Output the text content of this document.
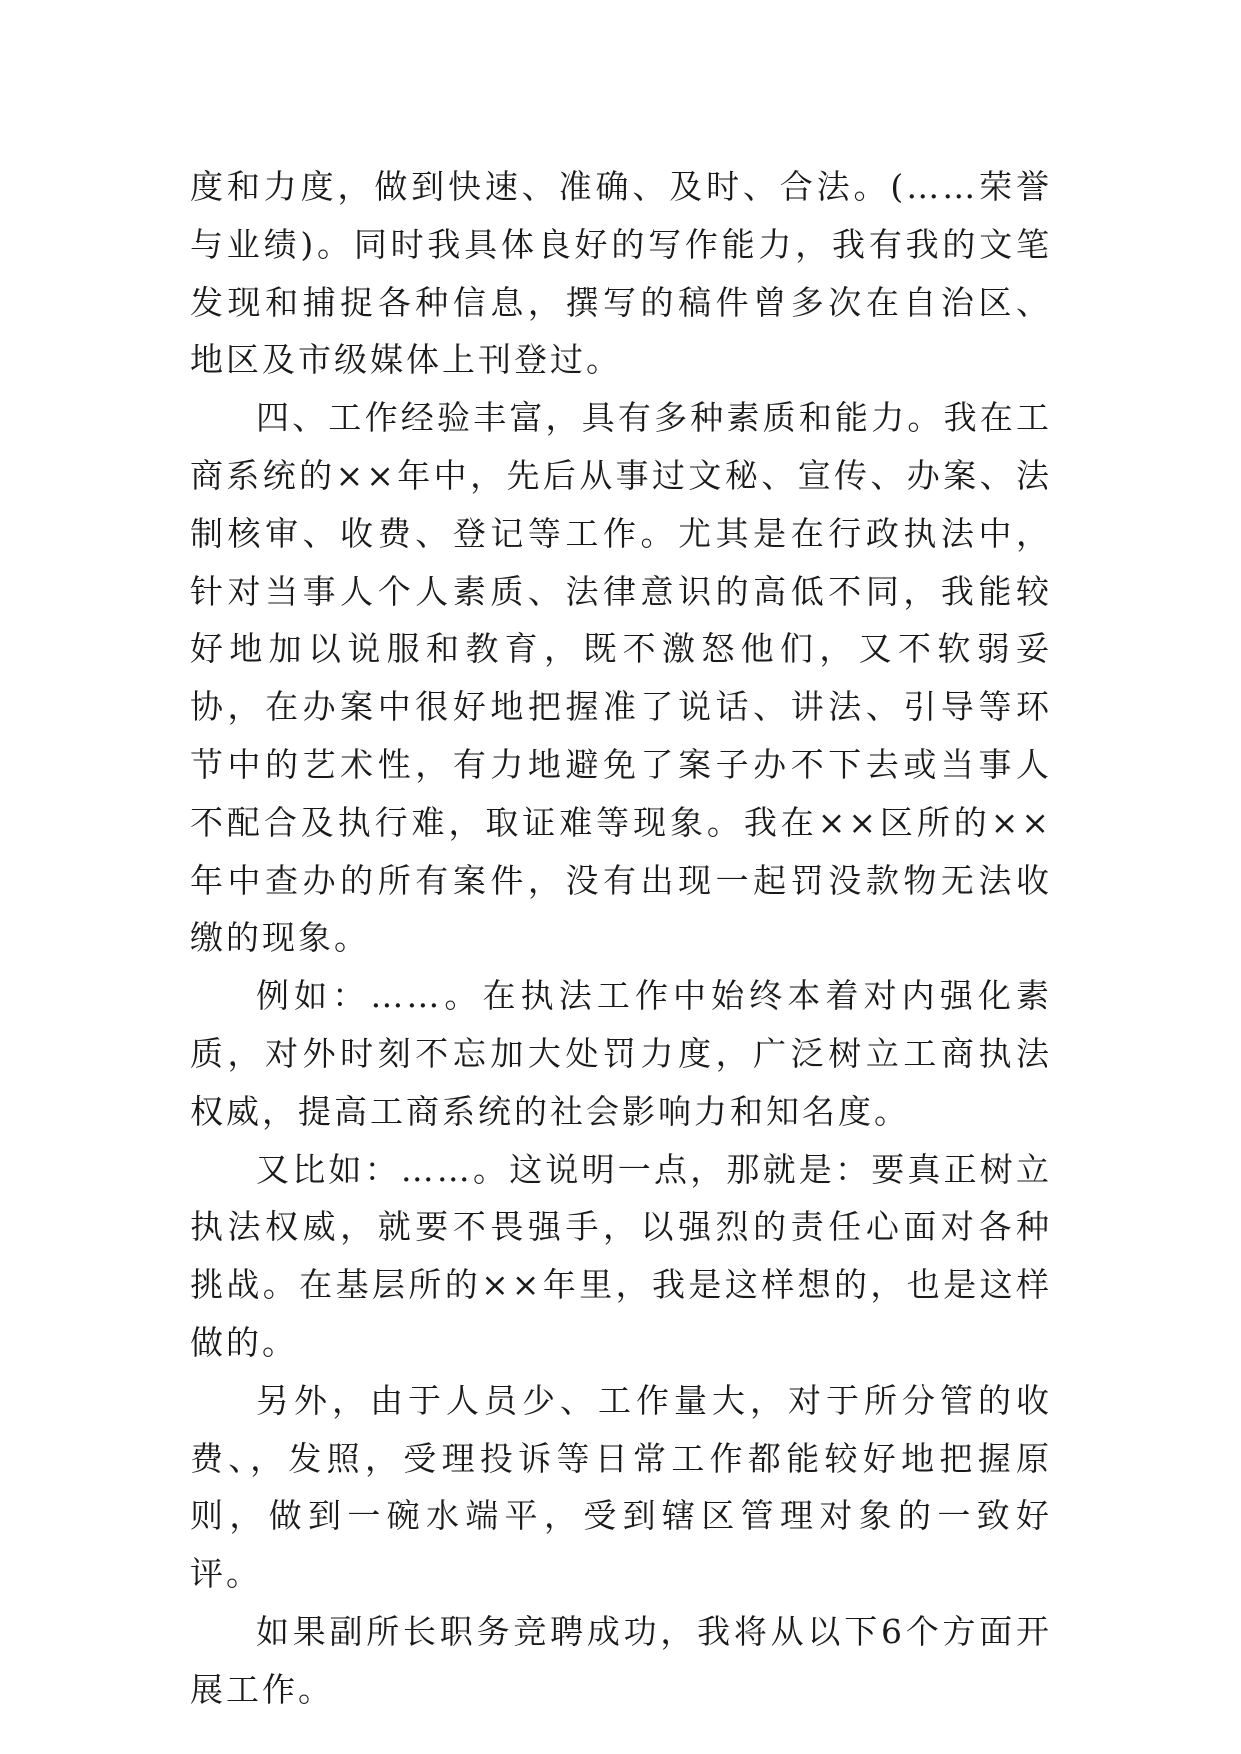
度和力度，做到快速、准确、及时、合法。(……荣誉与业绩)。同时我具体良好的写作能力，我有我的文笔发现和捕捉各种信息，撰写的稿件曾多次在自治区、地区及市级媒体上刊登过。

四、工作经验丰富，具有多种素质和能力。我在工商系统的××年中，先后从事过文秘、宣传、办案、法制核审、收费、登记等工作。尤其是在行政执法中，针对当事人个人素质、法律意识的高低不同，我能较好地加以说服和教育，既不激怒他们，又不软弱妥协，在办案中很好地把握准了说话、讲法、引导等环节中的艺术性，有力地避免了案子办不下去或当事人不配合及执行难，取证难等现象。我在××区所的××年中查办的所有案件，没有出现一起罚没款物无法收缴的现象。

例如：……。在执法工作中始终本着对内强化素质，对外时刻不忘加大处罚力度，广泛树立工商执法权威，提高工商系统的社会影响力和知名度。

又比如：……。这说明一点，那就是：要真正树立执法权威，就要不畏强手，以强烈的责任心面对各种挑战。在基层所的××年里，我是这样想的，也是这样做的。

另外，由于人员少、工作量大，对于所分管的收费、，发照，受理投诉等日常工作都能较好地把握原则，做到一碗水端平，受到辖区管理对象的一致好评。

如果副所长职务竞聘成功，我将从以下6个方面开展工作。
